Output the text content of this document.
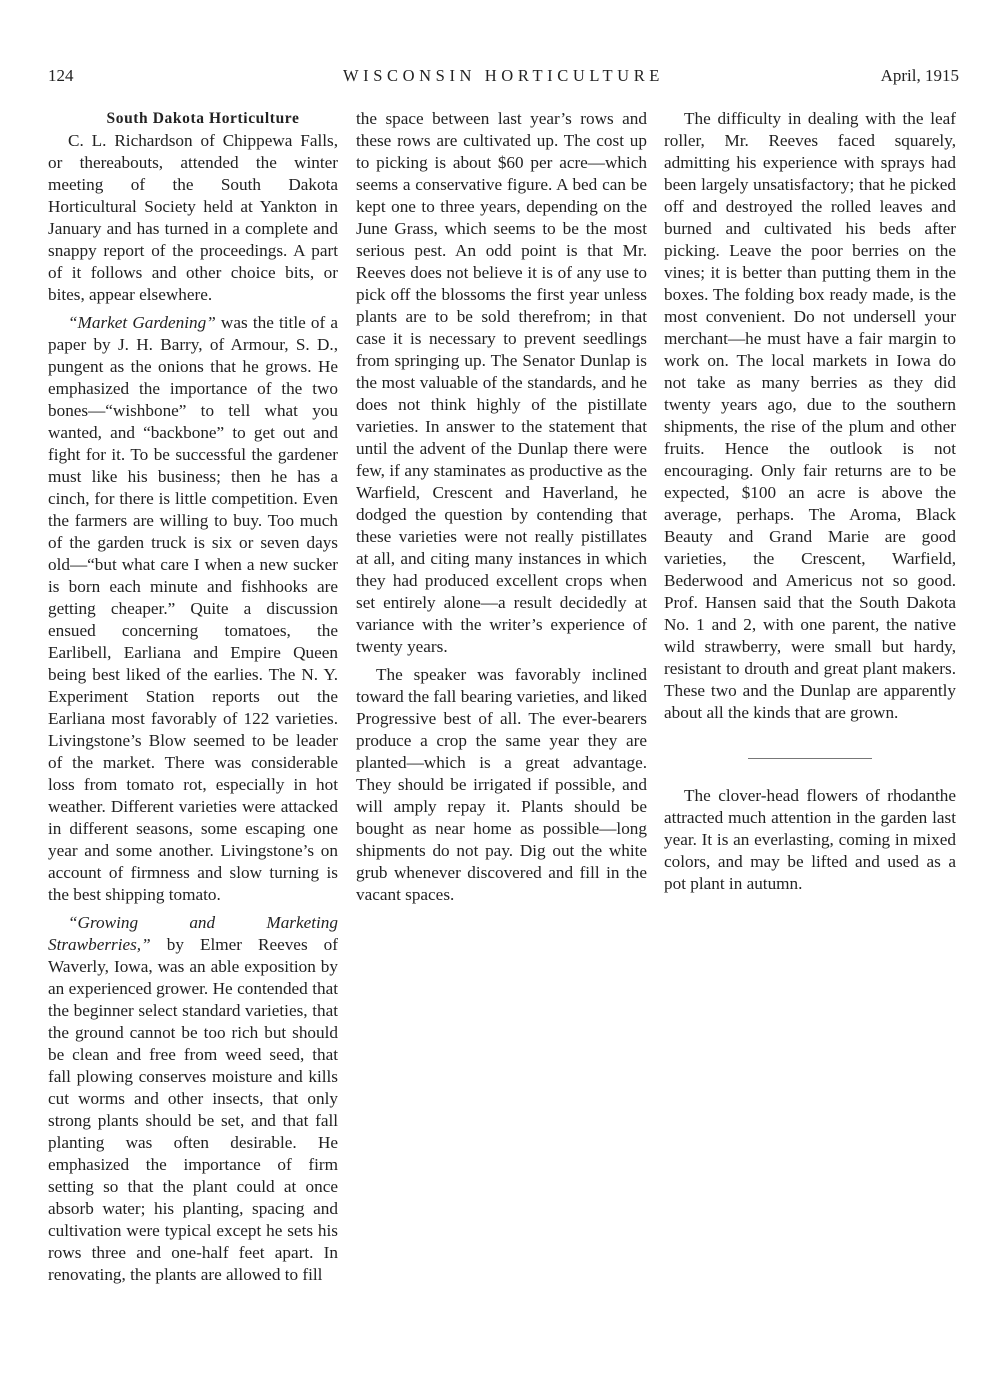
124	WISCONSIN HORTICULTURE	April, 1915

South Dakota Horticulture

C. L. Richardson of Chippewa Falls, or thereabouts, attended the winter meeting of the South Dakota Horticultural Society held at Yankton in January and has turned in a complete and snappy report of the proceedings. A part of it follows and other choice bits, or bites, appear elsewhere.

“Market Gardening” was the title of a paper by J. H. Barry, of Armour, S. D., pungent as the onions that he grows. He emphasized the importance of the two bones—“wishbone” to tell what you wanted, and “backbone” to get out and fight for it. To be successful the gardener must like his business; then he has a cinch, for there is little competition. Even the farmers are willing to buy. Too much of the garden truck is six or seven days old—“but what care I when a new sucker is born each minute and fishhooks are getting cheaper.” Quite a discussion ensued concerning tomatoes, the Earlibell, Earliana and Empire Queen being best liked of the earlies. The N. Y. Experiment Station reports out the Earliana most favorably of 122 varieties. Livingstone’s Blow seemed to be leader of the market. There was considerable loss from tomato rot, especially in hot weather. Different varieties were attacked in different seasons, some escaping one year and some another. Livingstone’s on account of firmness and slow turning is the best shipping tomato.

“Growing and Marketing Strawberries,” by Elmer Reeves of Waverly, Iowa, was an able exposition by an experienced grower. He contended that the beginner select standard varieties, that the ground cannot be too rich but should be clean and free from weed seed, that fall plowing conserves moisture and kills cut worms and other insects, that only strong plants should be set, and that fall planting was often desirable. He emphasized the importance of firm setting so that the plant could at once absorb water; his planting, spacing and cultivation were typical except he sets his rows three and one-half feet apart. In renovating, the plants are allowed to fill

the space between last year’s rows and these rows are cultivated up. The cost up to picking is about $60 per acre—which seems a conservative figure. A bed can be kept one to three years, depending on the June Grass, which seems to be the most serious pest. An odd point is that Mr. Reeves does not believe it is of any use to pick off the blossoms the first year unless plants are to be sold therefrom; in that case it is necessary to prevent seedlings from springing up. The Senator Dunlap is the most valuable of the standards, and he does not think highly of the pistillate varieties. In answer to the statement that until the advent of the Dunlap there were few, if any staminates as productive as the Warfield, Crescent and Haverland, he dodged the question by contending that these varieties were not really pistillates at all, and citing many instances in which they had produced excellent crops when set entirely alone—a result decidedly at variance with the writer’s experience of twenty years.

The speaker was favorably inclined toward the fall bearing varieties, and liked Progressive best of all. The ever-bearers produce a crop the same year they are planted—which is a great advantage. They should be irrigated if possible, and will amply repay it. Plants should be bought as near home as possible—long shipments do not pay. Dig out the white grub whenever discovered and fill in the vacant spaces.

The difficulty in dealing with the leaf roller, Mr. Reeves faced squarely, admitting his experience with sprays had been largely unsatisfactory; that he picked off and destroyed the rolled leaves and burned and cultivated his beds after picking. Leave the poor berries on the vines; it is better than putting them in the boxes. The folding box ready made, is the most convenient. Do not undersell your merchant—he must have a fair margin to work on. The local markets in Iowa do not take as many berries as they did twenty years ago, due to the southern shipments, the rise of the plum and other fruits. Hence the outlook is not encouraging. Only fair returns are to be expected, $100 an acre is above the average, perhaps. The Aroma, Black Beauty and Grand Marie are good varieties, the Crescent, Warfield, Bederwood and Americus not so good. Prof. Hansen said that the South Dakota No. 1 and 2, with one parent, the native wild strawberry, were small but hardy, resistant to drouth and great plant makers. These two and the Dunlap are apparently about all the kinds that are grown.

The clover-head flowers of rhodanthe attracted much attention in the garden last year. It is an everlasting, coming in mixed colors, and may be lifted and used as a pot plant in autumn.
